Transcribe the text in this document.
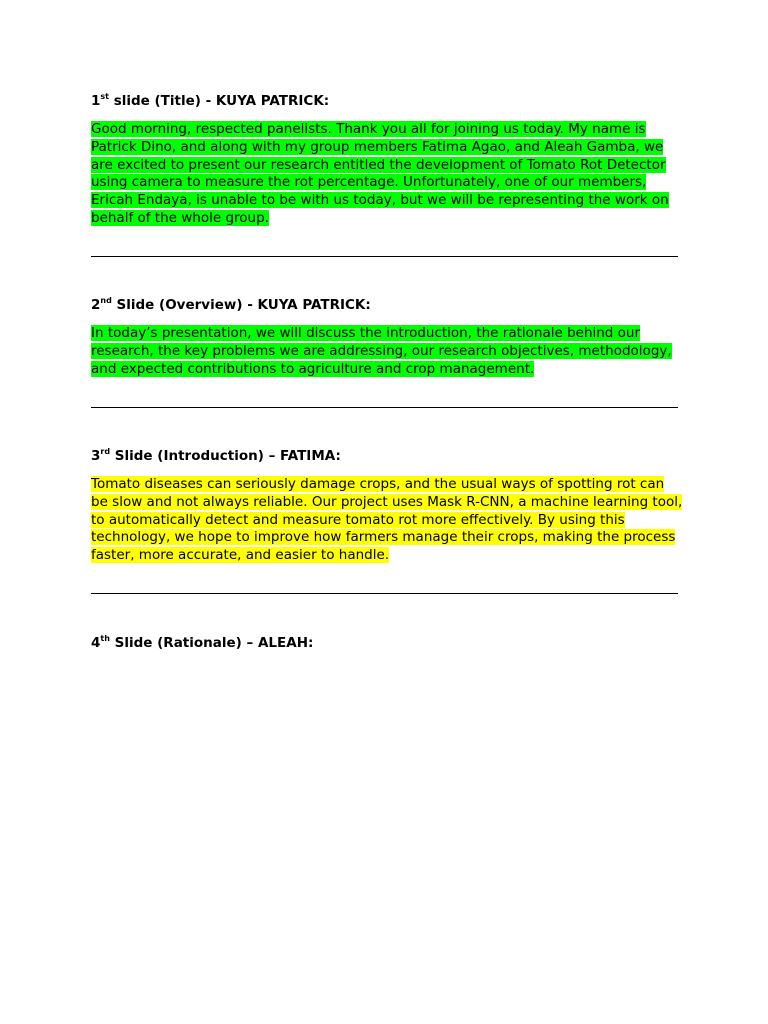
1st slide (Title) - KUYA PATRICK:
Good morning, respected panelists. Thank you all for joining us today. My name is Patrick Dino, and along with my group members Fatima Agao, and Aleah Gamba, we are excited to present our research entitled the development of Tomato Rot Detector using camera to measure the rot percentage. Unfortunately, one of our members, Ericah Endaya, is unable to be with us today, but we will be representing the work on behalf of the whole group.
2nd Slide (Overview) - KUYA PATRICK:
In today’s presentation, we will discuss the introduction, the rationale behind our research, the key problems we are addressing, our research objectives, methodology, and expected contributions to agriculture and crop management.
3rd Slide (Introduction) – FATIMA:
Tomato diseases can seriously damage crops, and the usual ways of spotting rot can be slow and not always reliable. Our project uses Mask R-CNN, a machine learning tool, to automatically detect and measure tomato rot more effectively. By using this technology, we hope to improve how farmers manage their crops, making the process faster, more accurate, and easier to handle.
4th Slide (Rationale) – ALEAH:
